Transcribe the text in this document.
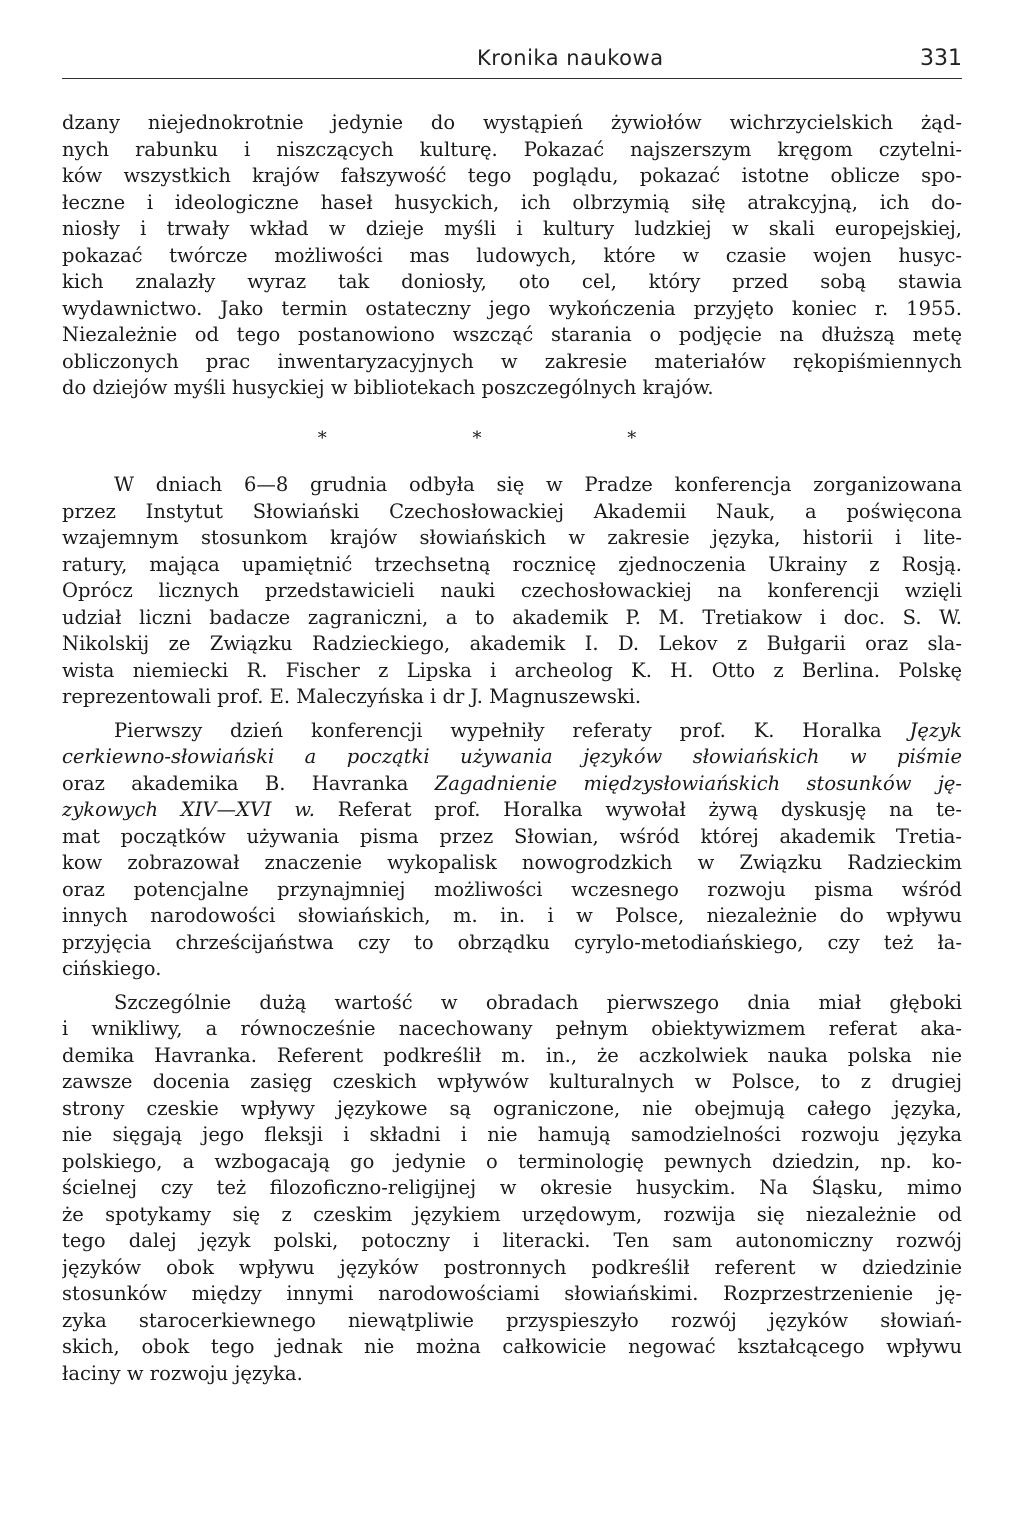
Kronika naukowa	331
dzany niejednokrotnie jedynie do wystąpień żywiołów wichrzycielskich żąd-
nych rabunku i niszczących kulturę. Pokazać najszerszym kręgom czytelni-
ków wszystkich krajów fałszywość tego poglądu, pokazać istotne oblicze spo-
łeczne i ideologiczne haseł husyckich, ich olbrzymią siłę atrakcyjną, ich do-
niosły i trwały wkład w dzieje myśli i kultury ludzkiej w skali europejskiej,
pokazać twórcze możliwości mas ludowych, które w czasie wojen husyc-
kich znalazły wyraz tak doniosły, oto cel, który przed sobą stawia
wydawnictwo. Jako termin ostateczny jego wykończenia przyjęto koniec r. 1955.
Niezależnie od tego postanowiono wszcząć starania o podjęcie na dłuższą metę
obliczonych prac inwentaryzacyjnych w zakresie materiałów rękopiśmiennych
do dziejów myśli husyckiej w bibliotekach poszczególnych krajów.
* * *
W dniach 6—8 grudnia odbyła się w Pradze konferencja zorganizowana
przez Instytut Słowiański Czechosłowackiej Akademii Nauk, a poświęcona
wzajemnym stosunkom krajów słowiańskich w zakresie języka, historii i lite-
ratury, mająca upamiętnić trzechsetną rocznicę zjednoczenia Ukrainy z Rosją.
Oprócz licznych przedstawicieli nauki czechosłowackiej na konferencji wzięli
udział liczni badacze zagraniczni, a to akademik P. M. Tretiakow i doc. S. W.
Nikolskij ze Związku Radzieckiego, akademik I. D. Lekov z Bułgarii oraz sla-
wista niemiecki R. Fischer z Lipska i archeolog K. H. Otto z Berlina. Polskę
reprezentowali prof. E. Maleczyńska i dr J. Magnuszewski.
Pierwszy dzień konferencji wypełniły referaty prof. K. Horalka Język
cerkiewno-słowiański a początki używania językόw słowiańskich w piśmie
oraz akademika B. Havranka Zagadnienie międzysłowiańskich stosunków ję-
zykowych XIV—XVI w. Referat prof. Horalka wywołał żywą dyskusję na te-
mat początków używania pisma przez Słowian, wśród której akademik Tretia-
kow zobrazował znaczenie wykopalisk nowogrodzkich w Związku Radzieckim
oraz potencjalne przynajmniej możliwości wczesnego rozwoju pisma wśród
innych narodowości słowiańskich, m. in. i w Polsce, niezależnie do wpływu
przyjęcia chrześcijaństwa czy to obrządku cyrylo-metodiańskiego, czy też ła-
cińskiego.
Szczególnie dużą wartość w obradach pierwszego dnia miał głęboki
i wnikliwy, a równocześnie nacechowany pełnym obiektywizmem referat aka-
demika Havranka. Referent podkreślił m. in., że aczkolwiek nauka polska nie
zawsze docenia zasięg czeskich wpływów kulturalnych w Polsce, to z drugiej
strony czeskie wpływy językowe są ograniczone, nie obejmują całego języka,
nie sięgają jego fleksji i składni i nie hamują samodzielności rozwoju języka
polskiego, a wzbogacają go jedynie o terminologię pewnych dziedzin, np. ko-
ścielnej czy też filozoficzno-religijnej w okresie husyckim. Na Śląsku, mimo
że spotykamy się z czeskim językiem urzędowym, rozwija się niezależnie od
tego dalej język polski, potoczny i literacki. Ten sam autonomiczny rozwój
języków obok wpływu języków postronnych podkreślił referent w dziedzinie
stosunków między innymi narodowościami słowiańskimi. Rozprzestrzenienie ję-
zyka starocerkiewnego niewątpliwie przyspieszyło rozwój języków słowiań-
skich, obok tego jednak nie można całkowicie negować kształcącego wpływu
łaciny w rozwoju języka.
